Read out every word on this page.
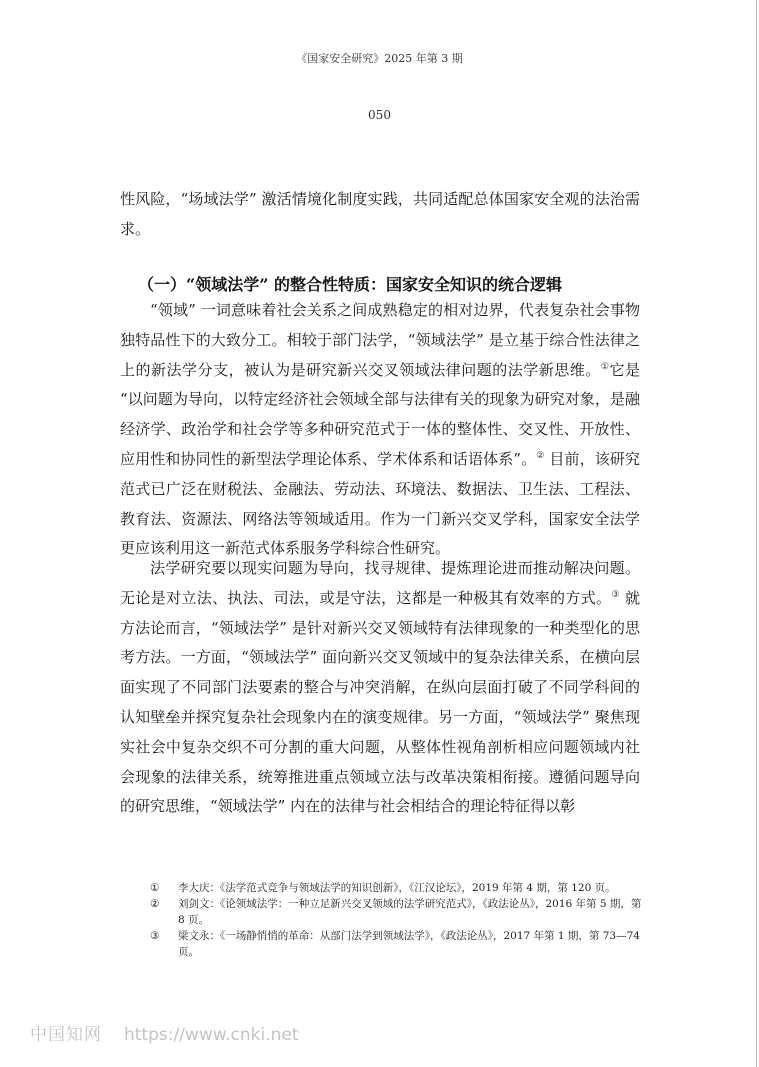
《国家安全研究》2025 年第 3 期
050

性风险，“场域法学” 激活情境化制度实践，共同适配总体国家安全观的法治需求。

（一）“领域法学” 的整合性特质：国家安全知识的统合逻辑

“领域” 一词意味着社会关系之间成熟稳定的相对边界，代表复杂社会事物独特品性下的大致分工。相较于部门法学，“领域法学” 是立基于综合性法律之上的新法学分支，被认为是研究新兴交叉领域法律问题的法学新思维。①它是 “以问题为导向，以特定经济社会领域全部与法律有关的现象为研究对象，是融经济学、政治学和社会学等多种研究范式于一体的整体性、交叉性、开放性、应用性和协同性的新型法学理论体系、学术体系和话语体系”。② 目前，该研究范式已广泛在财税法、金融法、劳动法、环境法、数据法、卫生法、工程法、教育法、资源法、网络法等领域适用。作为一门新兴交叉学科，国家安全法学更应该利用这一新范式体系服务学科综合性研究。

法学研究要以现实问题为导向，找寻规律、提炼理论进而推动解决问题。无论是对立法、执法、司法，或是守法，这都是一种极其有效率的方式。③ 就方法论而言，“领域法学” 是针对新兴交叉领域特有法律现象的一种类型化的思考方法。一方面，“领域法学” 面向新兴交叉领域中的复杂法律关系，在横向层面实现了不同部门法要素的整合与冲突消解，在纵向层面打破了不同学科间的认知壁垒并探究复杂社会现象内在的演变规律。另一方面，“领域法学” 聚焦现实社会中复杂交织不可分割的重大问题，从整体性视角剖析相应问题领域内社会现象的法律关系，统筹推进重点领域立法与改革决策相衔接。遵循问题导向的研究思维，“领域法学” 内在的法律与社会相结合的理论特征得以彰

①	李大庆：《法学范式竞争与领域法学的知识创新》，《江汉论坛》，2019 年第 4 期，第 120 页。
②	刘剑文：《论领域法学：一种立足新兴交叉领域的法学研究范式》，《政法论丛》，2016 年第 5 期，第 8 页。
③	梁文永：《一场静悄悄的革命：从部门法学到领域法学》，《政法论丛》，2017 年第 1 期，第 73—74 页。
中国知网 https://www.cnki.net
